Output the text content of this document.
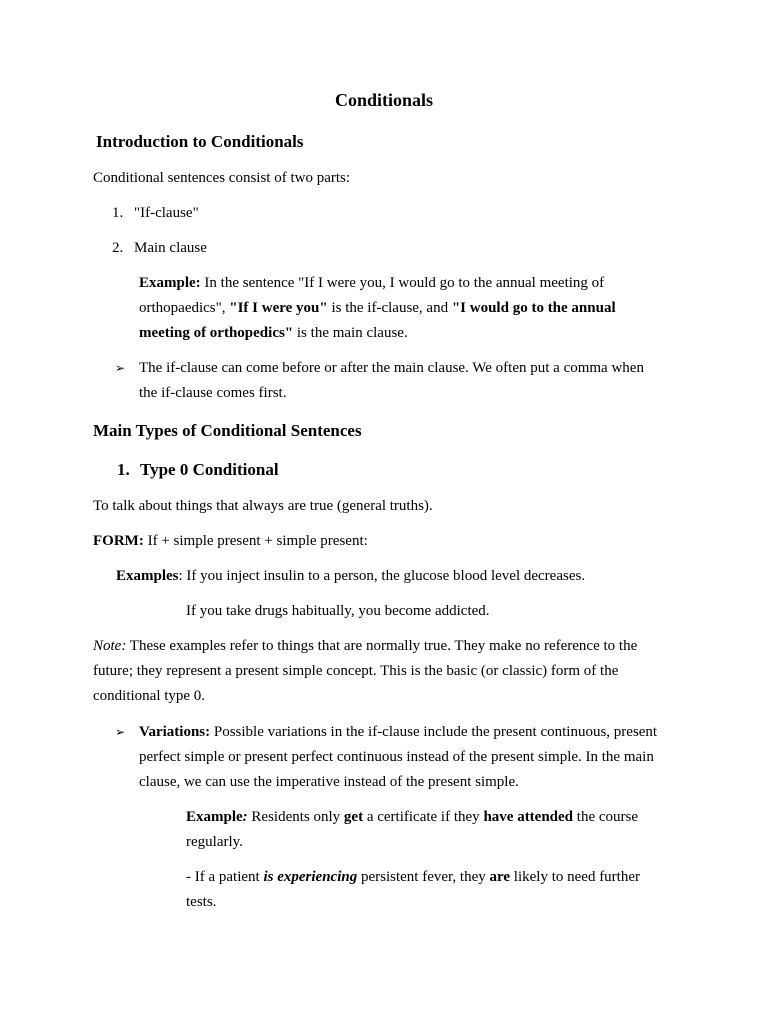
Conditionals
Introduction to Conditionals
Conditional sentences consist of two parts:
1. "If-clause"
2. Main clause
Example: In the sentence "If I were you, I would go to the annual meeting of
orthopaedics", "If I were you" is the if-clause, and "I would go to the annual
meeting of orthopedics" is the main clause.
➢ The if-clause can come before or after the main clause. We often put a comma when
the if-clause comes first.
Main Types of Conditional Sentences
1. Type 0 Conditional
To talk about things that always are true (general truths).
FORM: If + simple present + simple present:
Examples: If you inject insulin to a person, the glucose blood level decreases.
If you take drugs habitually, you become addicted.
Note: These examples refer to things that are normally true. They make no reference to the
future; they represent a present simple concept. This is the basic (or classic) form of the
conditional type 0.
➢ Variations: Possible variations in the if-clause include the present continuous, present
perfect simple or present perfect continuous instead of the present simple. In the main
clause, we can use the imperative instead of the present simple.
Example: Residents only get a certificate if they have attended the course
regularly.
- If a patient is experiencing persistent fever, they are likely to need further
tests.
